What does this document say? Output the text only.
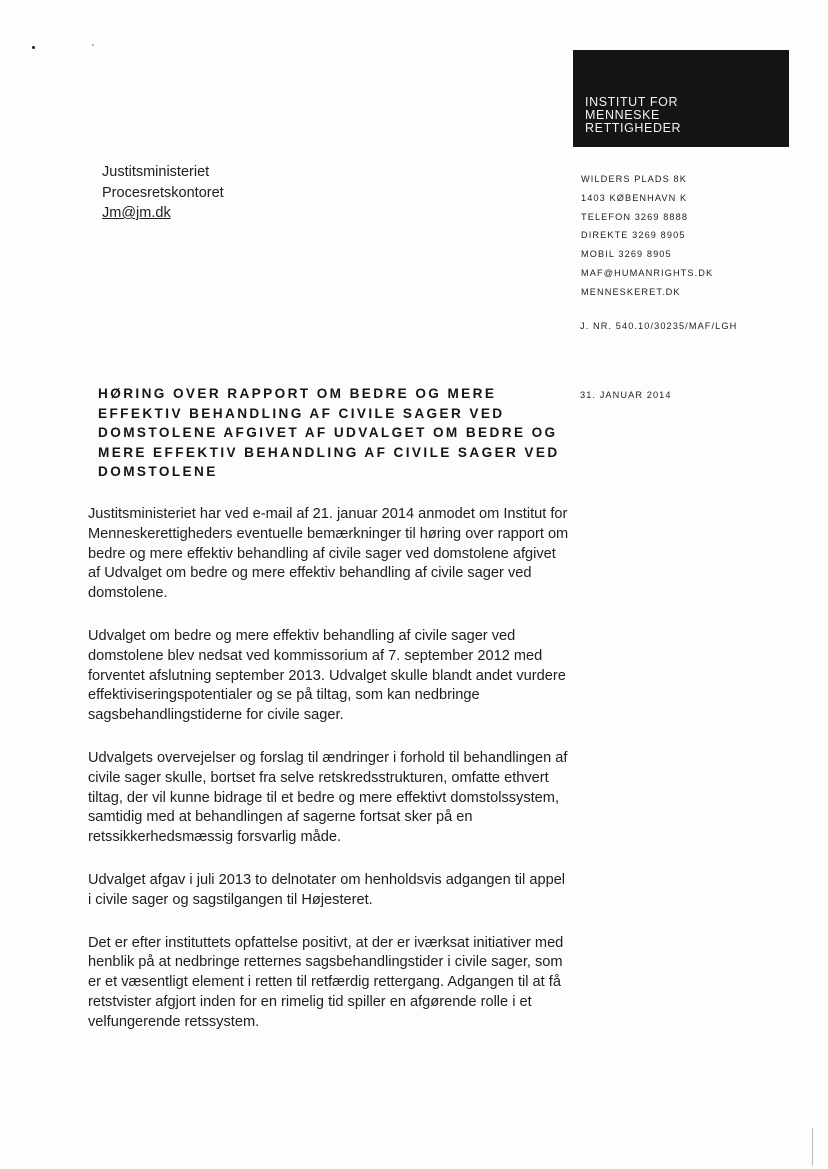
INSTITUT FOR
MENNESKE
RETTIGHEDER
Justitsministeriet
Procesretskontoret
Jm@jm.dk
WILDERS PLADS 8K
1403 KØBENHAVN K
TELEFON 3269 8888
DIREKTE 3269 8905
MOBIL 3269 8905
MAF@HUMANRIGHTS.DK
MENNESKERET.DK
J. NR. 540.10/30235/MAF/LGH
31. JANUAR 2014
HØRING OVER RAPPORT OM BEDRE OG MERE EFFEKTIV BEHANDLING AF CIVILE SAGER VED DOMSTOLENE AFGIVET AF UDVALGET OM BEDRE OG MERE EFFEKTIV BEHANDLING AF CIVILE SAGER VED DOMSTOLENE

Justitsministeriet har ved e-mail af 21. januar 2014 anmodet om Institut for Menneskerettigheders eventuelle bemærkninger til høring over rapport om bedre og mere effektiv behandling af civile sager ved domstolene afgivet af Udvalget om bedre og mere effektiv behandling af civile sager ved domstolene.

Udvalget om bedre og mere effektiv behandling af civile sager ved domstolene blev nedsat ved kommissorium af 7. september 2012 med forventet afslutning september 2013. Udvalget skulle blandt andet vurdere effektiviseringspotentialer og se på tiltag, som kan nedbringe sagsbehandlingstiderne for civile sager.

Udvalgets overvejelser og forslag til ændringer i forhold til behandlingen af civile sager skulle, bortset fra selve retskredsstrukturen, omfatte ethvert tiltag, der vil kunne bidrage til et bedre og mere effektivt domstolssystem, samtidig med at behandlingen af sagerne fortsat sker på en retssikkerhedsmæssig forsvarlig måde.

Udvalget afgav i juli 2013 to delnotater om henholdsvis adgangen til appel i civile sager og sagstilgangen til Højesteret.

Det er efter instituttets opfattelse positivt, at der er iværksat initiativer med henblik på at nedbringe retternes sagsbehandlingstider i civile sager, som er et væsentligt element i retten til retfærdig rettergang. Adgangen til at få retstvister afgjort inden for en rimelig tid spiller en afgørende rolle i et velfungerende retssystem.
